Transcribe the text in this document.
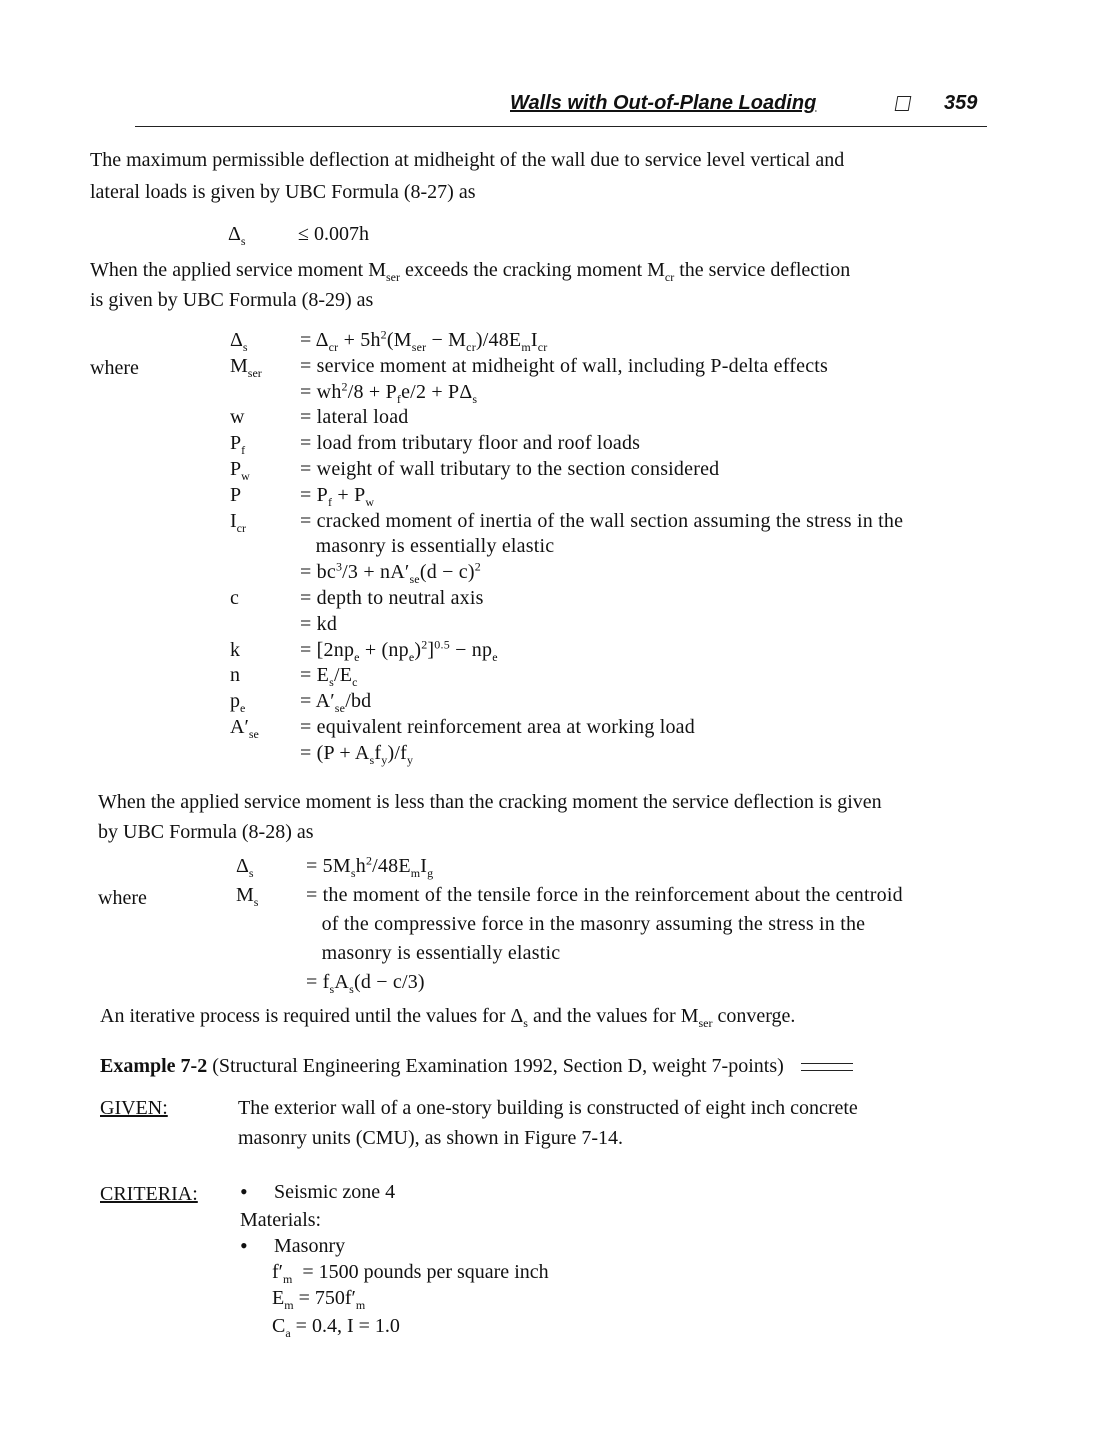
Walls with Out-of-Plane Loading	359
The maximum permissible deflection at midheight of the wall due to service level vertical and
lateral loads is given by UBC Formula (8-27) as
$\Delta_s$	≤ 0.007h
When the applied service moment $M_{ser}$ exceeds the cracking moment $M_{cr}$ the service deflection
is given by UBC Formula (8-29) as
where
$\Delta_s$	= $\Delta_{cr} + 5h^2(M_{ser} - M_{cr})/48E_mI_{cr}$
$M_{ser}$ = service moment at midheight of wall, including P-delta effects
= $wh^2/8 + P_fe/2 + P\Delta_s$
w	= lateral load
$P_f$	= load from tributary floor and roof loads
$P_w$	= weight of wall tributary to the section considered
P	= $P_f + P_w$
$I_{cr}$	= cracked moment of inertia of the wall section assuming the stress in the
masonry is essentially elastic
= $bc^3/3 + nA'_{se}(d - c)^2$
c	= depth to neutral axis
= kd
k	= $[2np_e + (np_e)^2]^{0.5} - np_e$
n	= $E_s/E_c$
$p_e$	= $A'_{se}/bd$
$A'_{se}$ = equivalent reinforcement area at working load
= $(P + A_sf_y)/f_y$
When the applied service moment is less than the cracking moment the service deflection is given
by UBC Formula (8-28) as
where
$\Delta_s$	= $5M_sh^2/48E_mI_g$
$M_s$ = the moment of the tensile force in the reinforcement about the centroid
of the compressive force in the masonry assuming the stress in the
masonry is essentially elastic
= $f_sA_s(d - c/3)$
An iterative process is required until the values for $\Delta_s$ and the values for $M_{ser}$ converge.
Example 7-2 (Structural Engineering Examination 1992, Section D, weight 7-points)
GIVEN:	The exterior wall of a one-story building is constructed of eight inch concrete
masonry units (CMU), as shown in Figure 7-14.
CRITERIA: • Seismic zone 4
Materials:
• Masonry
$f'_m = 1500$ pounds per square inch
$E_m = 750f'_m$
$C_a = 0.4$, I = 1.0
